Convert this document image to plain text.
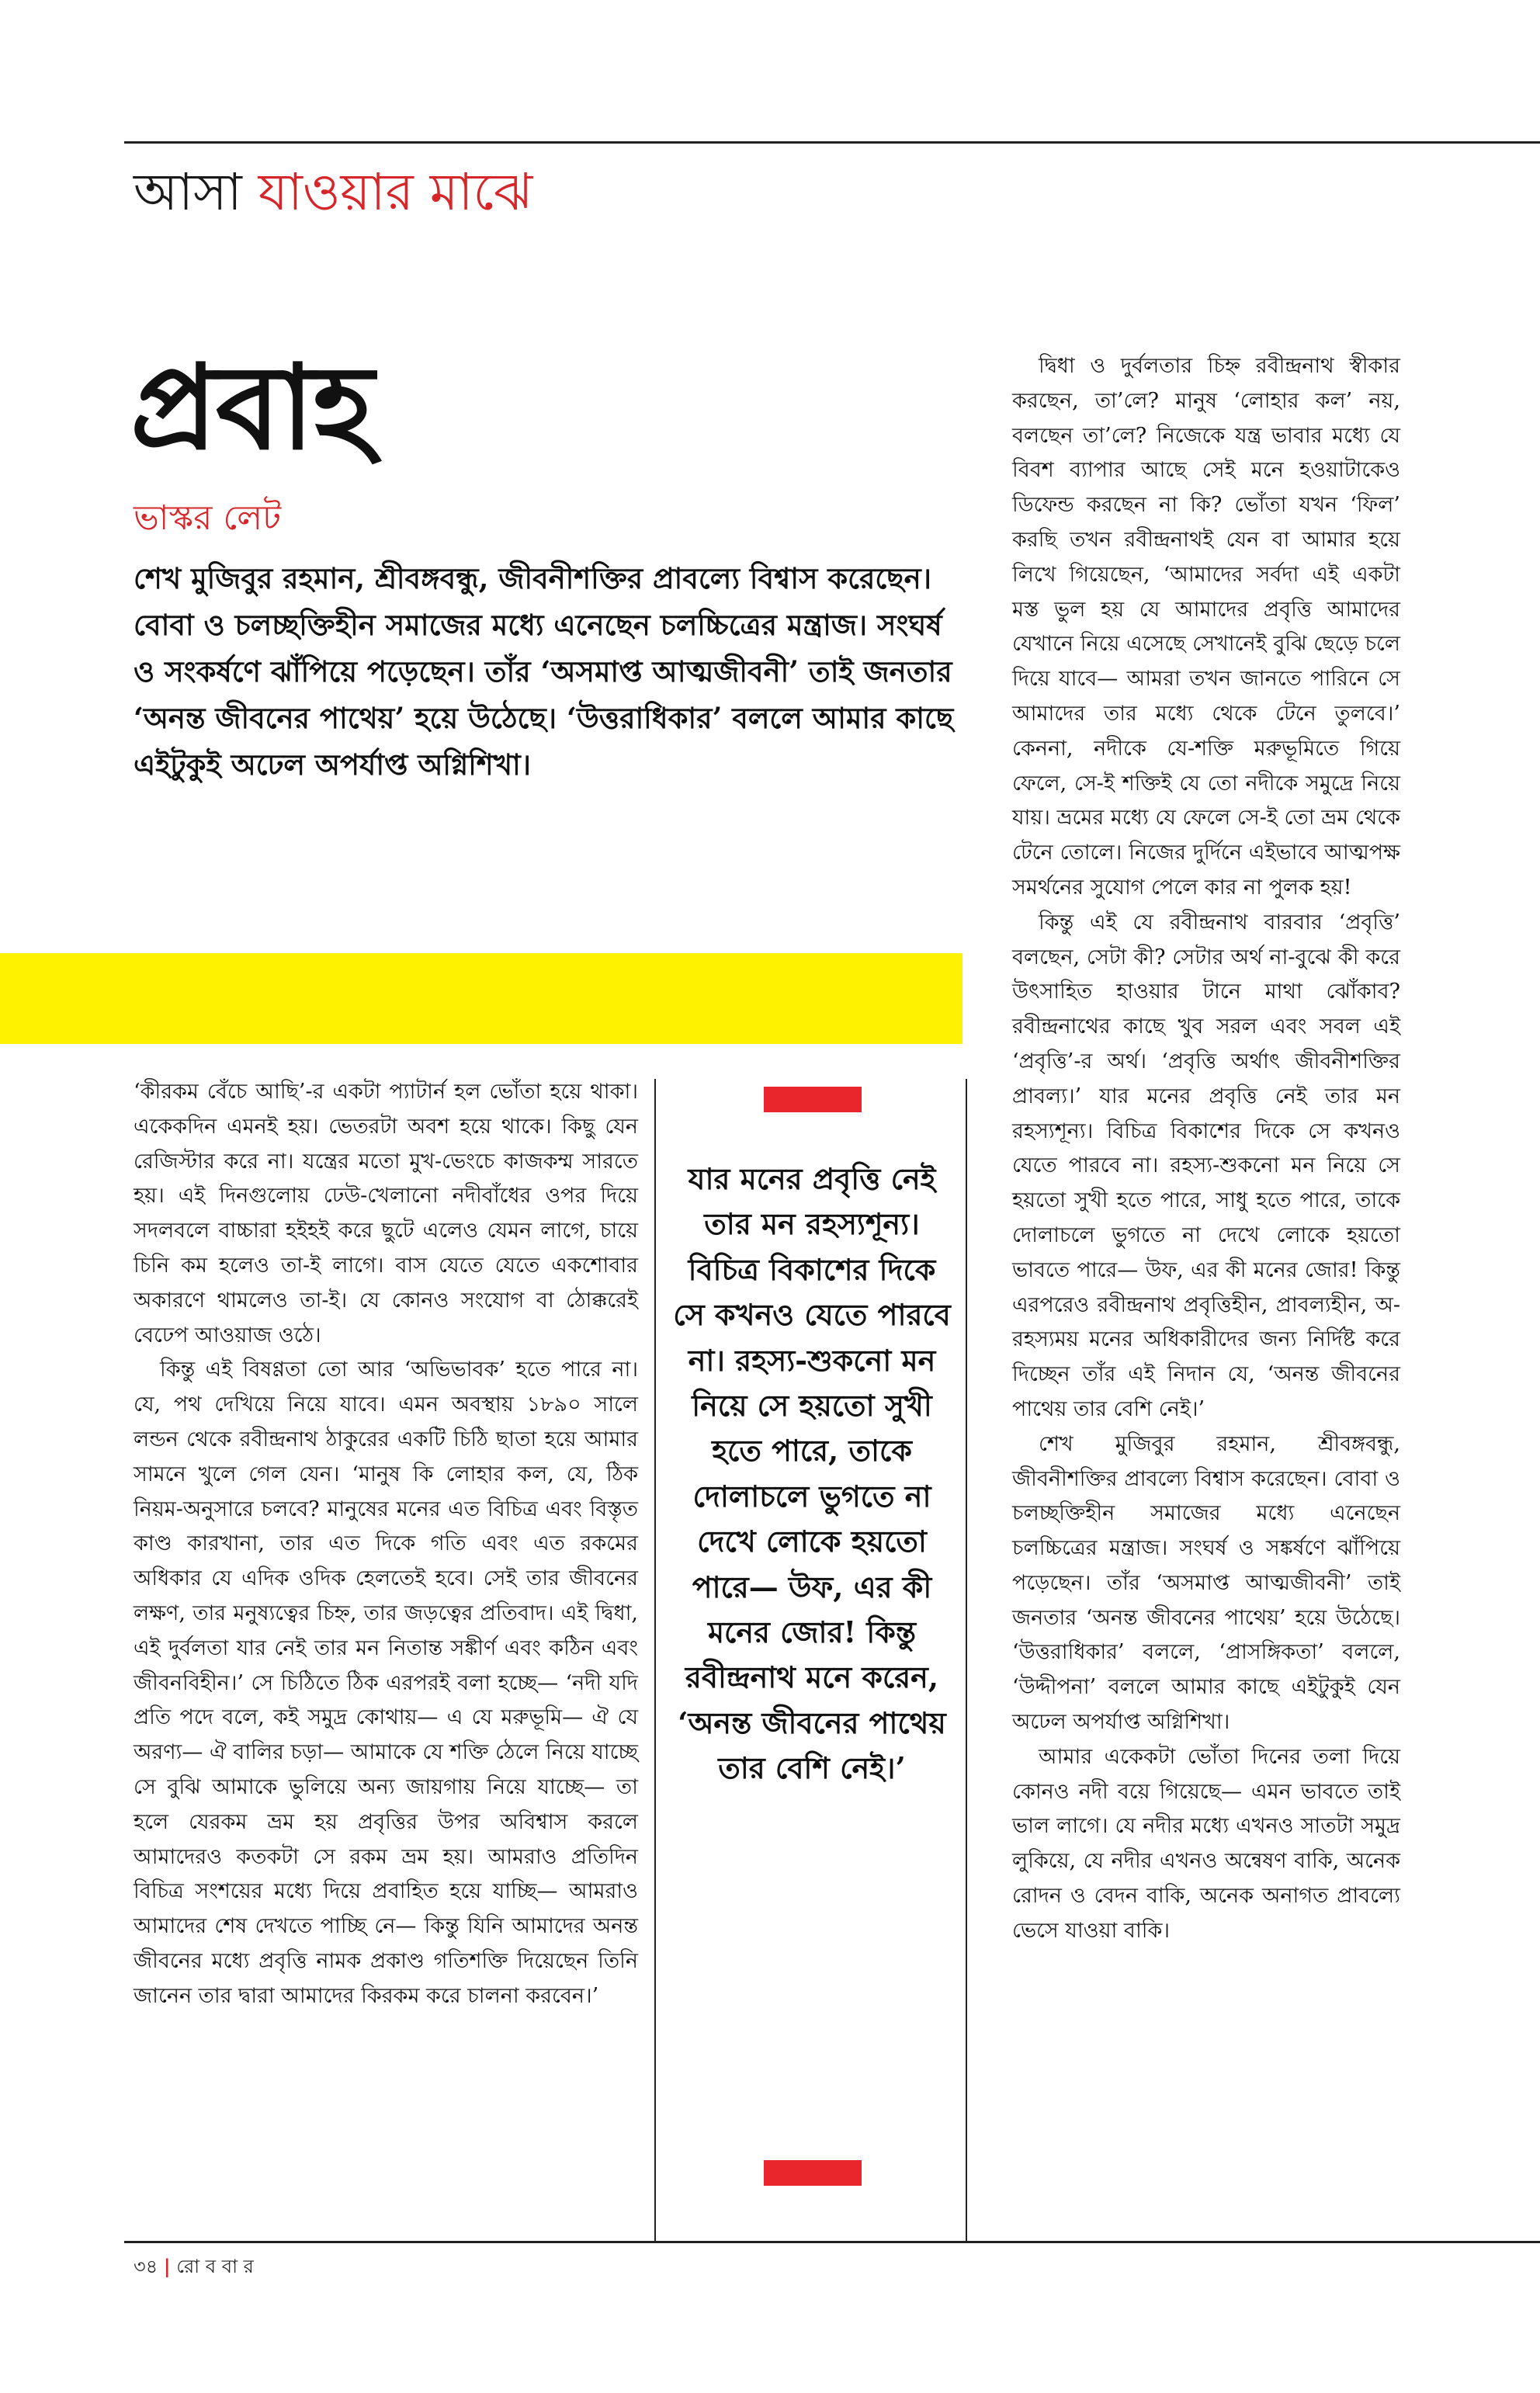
আসা যাওয়ার মাঝে
প্রবাহ
ভাস্কর লেট

শেখ মুজিবুর রহমান, শ্রীবঙ্গবন্ধু, জীবনীশক্তির প্রাবল্যে বিশ্বাস করেছেন। বোবা ও চলচ্ছক্তিহীন সমাজের মধ্যে এনেছেন চলচ্চিত্রের মন্ত্রাজ। সংঘর্ষ ও সংকর্ষণে ঝাঁপিয়ে পড়েছেন। তাঁর ‘অসমাপ্ত আত্মজীবনী’ তাই জনতার ‘অনন্ত জীবনের পাথেয়’ হয়ে উঠেছে। ‘উত্তরাধিকার’ বললে আমার কাছে এইটুকুই অঢেল অপর্যাপ্ত অগ্নিশিখা।

‘কীরকম বেঁচে আছি’-র একটা প্যাটার্ন হল ভোঁতা হয়ে থাকা। একেকদিন এমনই হয়। ভেতরটা অবশ হয়ে থাকে। কিছু যেন রেজিস্টার করে না। যন্ত্রের মতো মুখ-ভেংচে কাজকম্ম সারতে হয়। এই দিনগুলোয় ঢেউ-খেলানো নদীবাঁধের ওপর দিয়ে সদলবলে বাচ্চারা হইহই করে ছুটে এলেও যেমন লাগে, চায়ে চিনি কম হলেও তা-ই লাগে। বাস যেতে যেতে একশোবার অকারণে থামলেও তা-ই। যে কোনও সংযোগ বা ঠোক্করেই বেঢেপ আওয়াজ ওঠে।

কিন্তু এই বিষণ্ণতা তো আর ‘অভিভাবক’ হতে পারে না। যে, পথ দেখিয়ে নিয়ে যাবে। এমন অবস্থায় ১৮৯০ সালে লন্ডন থেকে রবীন্দ্রনাথ ঠাকুরের একটি চিঠি ছাতা হয়ে আমার সামনে খুলে গেল যেন। ‘মানুষ কি লোহার কল, যে, ঠিক নিয়ম-অনুসারে চলবে? মানুষের মনের এত বিচিত্র এবং বিস্তৃত কাণ্ড কারখানা, তার এত দিকে গতি এবং এত রকমের অধিকার যে এদিক ওদিক হেলতেই হবে। সেই তার জীবনের লক্ষণ, তার মনুষ্যত্বের চিহ্ন, তার জড়ত্বের প্রতিবাদ। এই দ্বিধা, এই দুর্বলতা যার নেই তার মন নিতান্ত সঙ্কীর্ণ এবং কঠিন এবং জীবনবিহীন।’ সে চিঠিতে ঠিক এরপরই বলা হচ্ছে— ‘নদী যদি প্রতি পদে বলে, কই সমুদ্র কোথায়— এ যে মরুভূমি— ঐ যে অরণ্য— ঐ বালির চড়া— আমাকে যে শক্তি ঠেলে নিয়ে যাচ্ছে সে বুঝি আমাকে ভুলিয়ে অন্য জায়গায় নিয়ে যাচ্ছে— তা হলে যেরকম ভ্রম হয় প্রবৃত্তির উপর অবিশ্বাস করলে আমাদেরও কতকটা সে রকম ভ্রম হয়। আমরাও প্রতিদিন বিচিত্র সংশয়ের মধ্যে দিয়ে প্রবাহিত হয়ে যাচ্ছি— আমরাও আমাদের শেষ দেখতে পাচ্ছি নে— কিন্তু যিনি আমাদের অনন্ত জীবনের মধ্যে প্রবৃত্তি নামক প্রকাণ্ড গতিশক্তি দিয়েছেন তিনি জানেন তার দ্বারা আমাদের কিরকম করে চালনা করবেন।’

যার মনের প্রবৃত্তি নেই তার মন রহস্যশূন্য। বিচিত্র বিকাশের দিকে সে কখনও যেতে পারবে না। রহস্য-শুকনো মন নিয়ে সে হয়তো সুখী হতে পারে, তাকে দোলাচলে ভুগতে না দেখে লোকে হয়তো পারে— উফ, এর কী মনের জোর! কিন্তু রবীন্দ্রনাথ মনে করেন, ‘অনন্ত জীবনের পাথেয় তার বেশি নেই।’

দ্বিধা ও দুর্বলতার চিহ্ন রবীন্দ্রনাথ স্বীকার করছেন, তা’লে? মানুষ ‘লোহার কল’ নয়, বলছেন তা’লে? নিজেকে যন্ত্র ভাবার মধ্যে যে বিবশ ব্যাপার আছে সেই মনে হওয়াটাকেও ডিফেন্ড করছেন না কি? ভোঁতা যখন ‘ফিল’ করছি তখন রবীন্দ্রনাথই যেন বা আমার হয়ে লিখে গিয়েছেন, ‘আমাদের সর্বদা এই একটা মস্ত ভুল হয় যে আমাদের প্রবৃত্তি আমাদের যেখানে নিয়ে এসেছে সেখানেই বুঝি ছেড়ে চলে দিয়ে যাবে— আমরা তখন জানতে পারিনে সে আমাদের তার মধ্যে থেকে টেনে তুলবে।’ কেননা, নদীকে যে-শক্তি মরুভূমিতে গিয়ে ফেলে, সে-ই শক্তিই যে তো নদীকে সমুদ্রে নিয়ে যায়। ভ্রমের মধ্যে যে ফেলে সে-ই তো ভ্রম থেকে টেনে তোলে। নিজের দুর্দিনে এইভাবে আত্মপক্ষ সমর্থনের সুযোগ পেলে কার না পুলক হয়!

কিন্তু এই যে রবীন্দ্রনাথ বারবার ‘প্রবৃত্তি’ বলছেন, সেটা কী? সেটার অর্থ না-বুঝে কী করে উৎসাহিত হাওয়ার টানে মাথা ঝোঁকাব? রবীন্দ্রনাথের কাছে খুব সরল এবং সবল এই ‘প্রবৃত্তি’-র অর্থ। ‘প্রবৃত্তি অর্থাৎ জীবনীশক্তির প্রাবল্য।’ যার মনের প্রবৃত্তি নেই তার মন রহস্যশূন্য। বিচিত্র বিকাশের দিকে সে কখনও যেতে পারবে না। রহস্য-শুকনো মন নিয়ে সে হয়তো সুখী হতে পারে, সাধু হতে পারে, তাকে দোলাচলে ভুগতে না দেখে লোকে হয়তো ভাবতে পারে— উফ, এর কী মনের জোর! কিন্তু এরপরেও রবীন্দ্রনাথ প্রবৃত্তিহীন, প্রাবল্যহীন, অ-রহস্যময় মনের অধিকারীদের জন্য নির্দিষ্ট করে দিচ্ছেন তাঁর এই নিদান যে, ‘অনন্ত জীবনের পাথেয় তার বেশি নেই।’

শেখ মুজিবুর রহমান, শ্রীবঙ্গবন্ধু, জীবনীশক্তির প্রাবল্যে বিশ্বাস করেছেন। বোবা ও চলচ্ছক্তিহীন সমাজের মধ্যে এনেছেন চলচ্চিত্রের মন্ত্রাজ। সংঘর্ষ ও সঙ্কর্ষণে ঝাঁপিয়ে পড়েছেন। তাঁর ‘অসমাপ্ত আত্মজীবনী’ তাই জনতার ‘অনন্ত জীবনের পাথেয়’ হয়ে উঠেছে। ‘উত্তরাধিকার’ বললে, ‘প্রাসঙ্গিকতা’ বললে, ‘উদ্দীপনা’ বললে আমার কাছে এইটুকুই যেন অঢেল অপর্যাপ্ত অগ্নিশিখা।

আমার একেকটা ভোঁতা দিনের তলা দিয়ে কোনও নদী বয়ে গিয়েছে— এমন ভাবতে তাই ভাল লাগে। যে নদীর মধ্যে এখনও সাতটা সমুদ্র লুকিয়ে, যে নদীর এখনও অন্বেষণ বাকি, অনেক রোদন ও বেদন বাকি, অনেক অনাগত প্রাবল্যে ভেসে যাওয়া বাকি।

৩৪ | রো ব বা র
